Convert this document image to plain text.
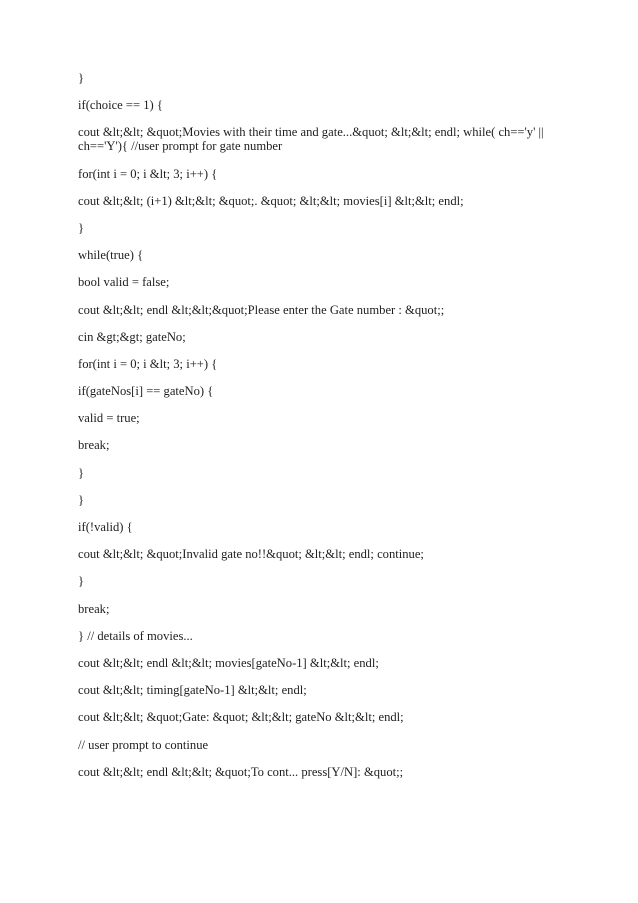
}
if(choice == 1) {
cout &lt;&lt; &quot;Movies with their time and gate...&quot; &lt;&lt; endl; while( ch=='y' || ch=='Y'){ //user prompt for gate number
for(int i = 0; i &lt; 3; i++) {
cout &lt;&lt; (i+1) &lt;&lt; &quot;. &quot; &lt;&lt; movies[i] &lt;&lt; endl;
}
while(true) {
bool valid = false;
cout &lt;&lt; endl &lt;&lt;&quot;Please enter the Gate number : &quot;;
cin &gt;&gt; gateNo;
for(int i = 0; i &lt; 3; i++) {
if(gateNos[i] == gateNo) {
valid = true;
break;
}
}
if(!valid) {
cout &lt;&lt; &quot;Invalid gate no!!&quot; &lt;&lt; endl; continue;
}
break;
} // details of movies...
cout &lt;&lt; endl &lt;&lt; movies[gateNo-1] &lt;&lt; endl;
cout &lt;&lt; timing[gateNo-1] &lt;&lt; endl;
cout &lt;&lt; &quot;Gate: &quot; &lt;&lt; gateNo &lt;&lt; endl;
// user prompt to continue
cout &lt;&lt; endl &lt;&lt; &quot;To cont... press[Y/N]: &quot;;
